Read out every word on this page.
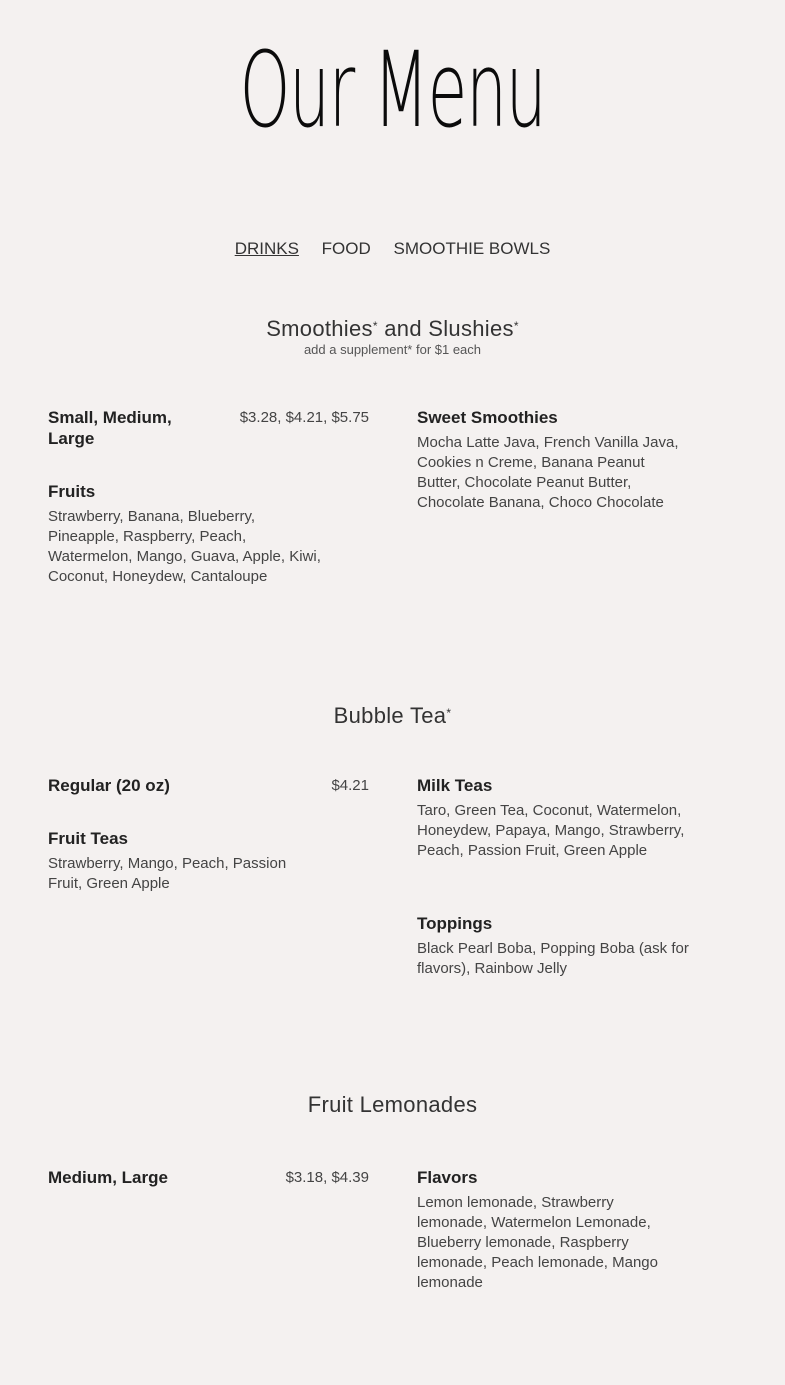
Our Menu
DRINKS FOOD SMOOTHIE BOWLS
Smoothies* and Slushies*
add a supplement* for $1 each
Small, Medium, Large
$3.28, $4.21, $5.75
Fruits
Strawberry, Banana, Blueberry, Pineapple, Raspberry, Peach, Watermelon, Mango, Guava, Apple, Kiwi, Coconut, Honeydew, Cantaloupe
Sweet Smoothies
Mocha Latte Java, French Vanilla Java, Cookies n Creme, Banana Peanut Butter, Chocolate Peanut Butter, Chocolate Banana, Choco Chocolate
Bubble Tea*
Regular (20 oz)	$4.21
Fruit Teas
Strawberry, Mango, Peach, Passion Fruit, Green Apple
Milk Teas
Taro, Green Tea, Coconut, Watermelon, Honeydew, Papaya, Mango, Strawberry, Peach, Passion Fruit, Green Apple
Toppings
Black Pearl Boba, Popping Boba (ask for flavors), Rainbow Jelly
Fruit Lemonades
Medium, Large	$3.18, $4.39	Flavors
Lemon lemonade, Strawberry lemonade, Watermelon Lemonade, Blueberry lemonade, Raspberry lemonade, Peach lemonade, Mango lemonade
